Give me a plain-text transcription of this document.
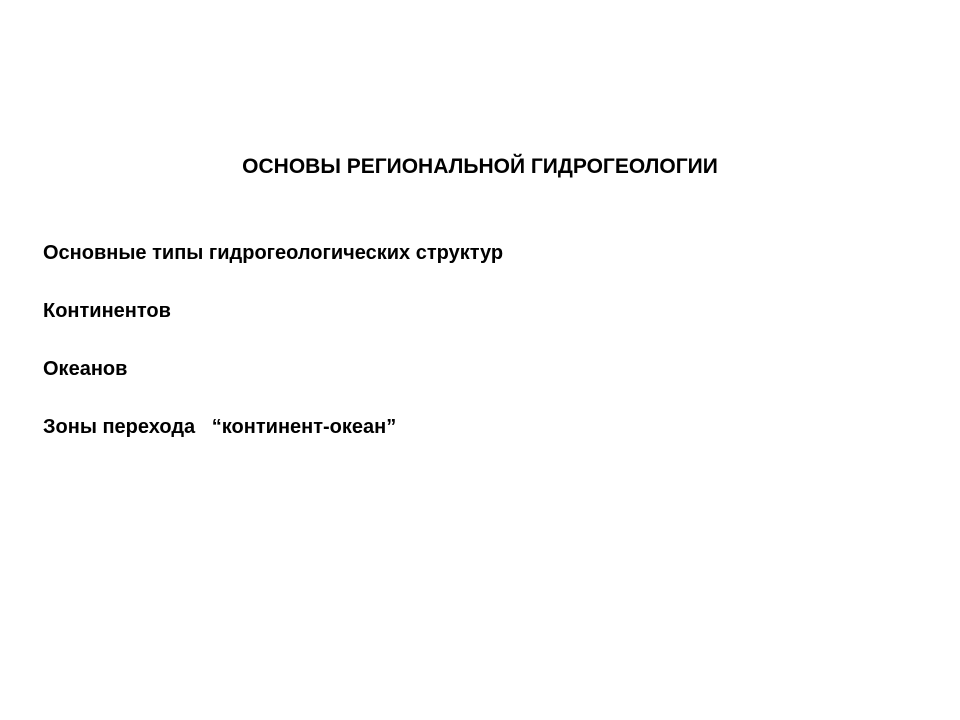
ОСНОВЫ РЕГИОНАЛЬНОЙ ГИДРОГЕОЛОГИИ
Основные типы гидрогеологических структур
Континентов
Океанов
Зоны перехода   “континент-океан”
